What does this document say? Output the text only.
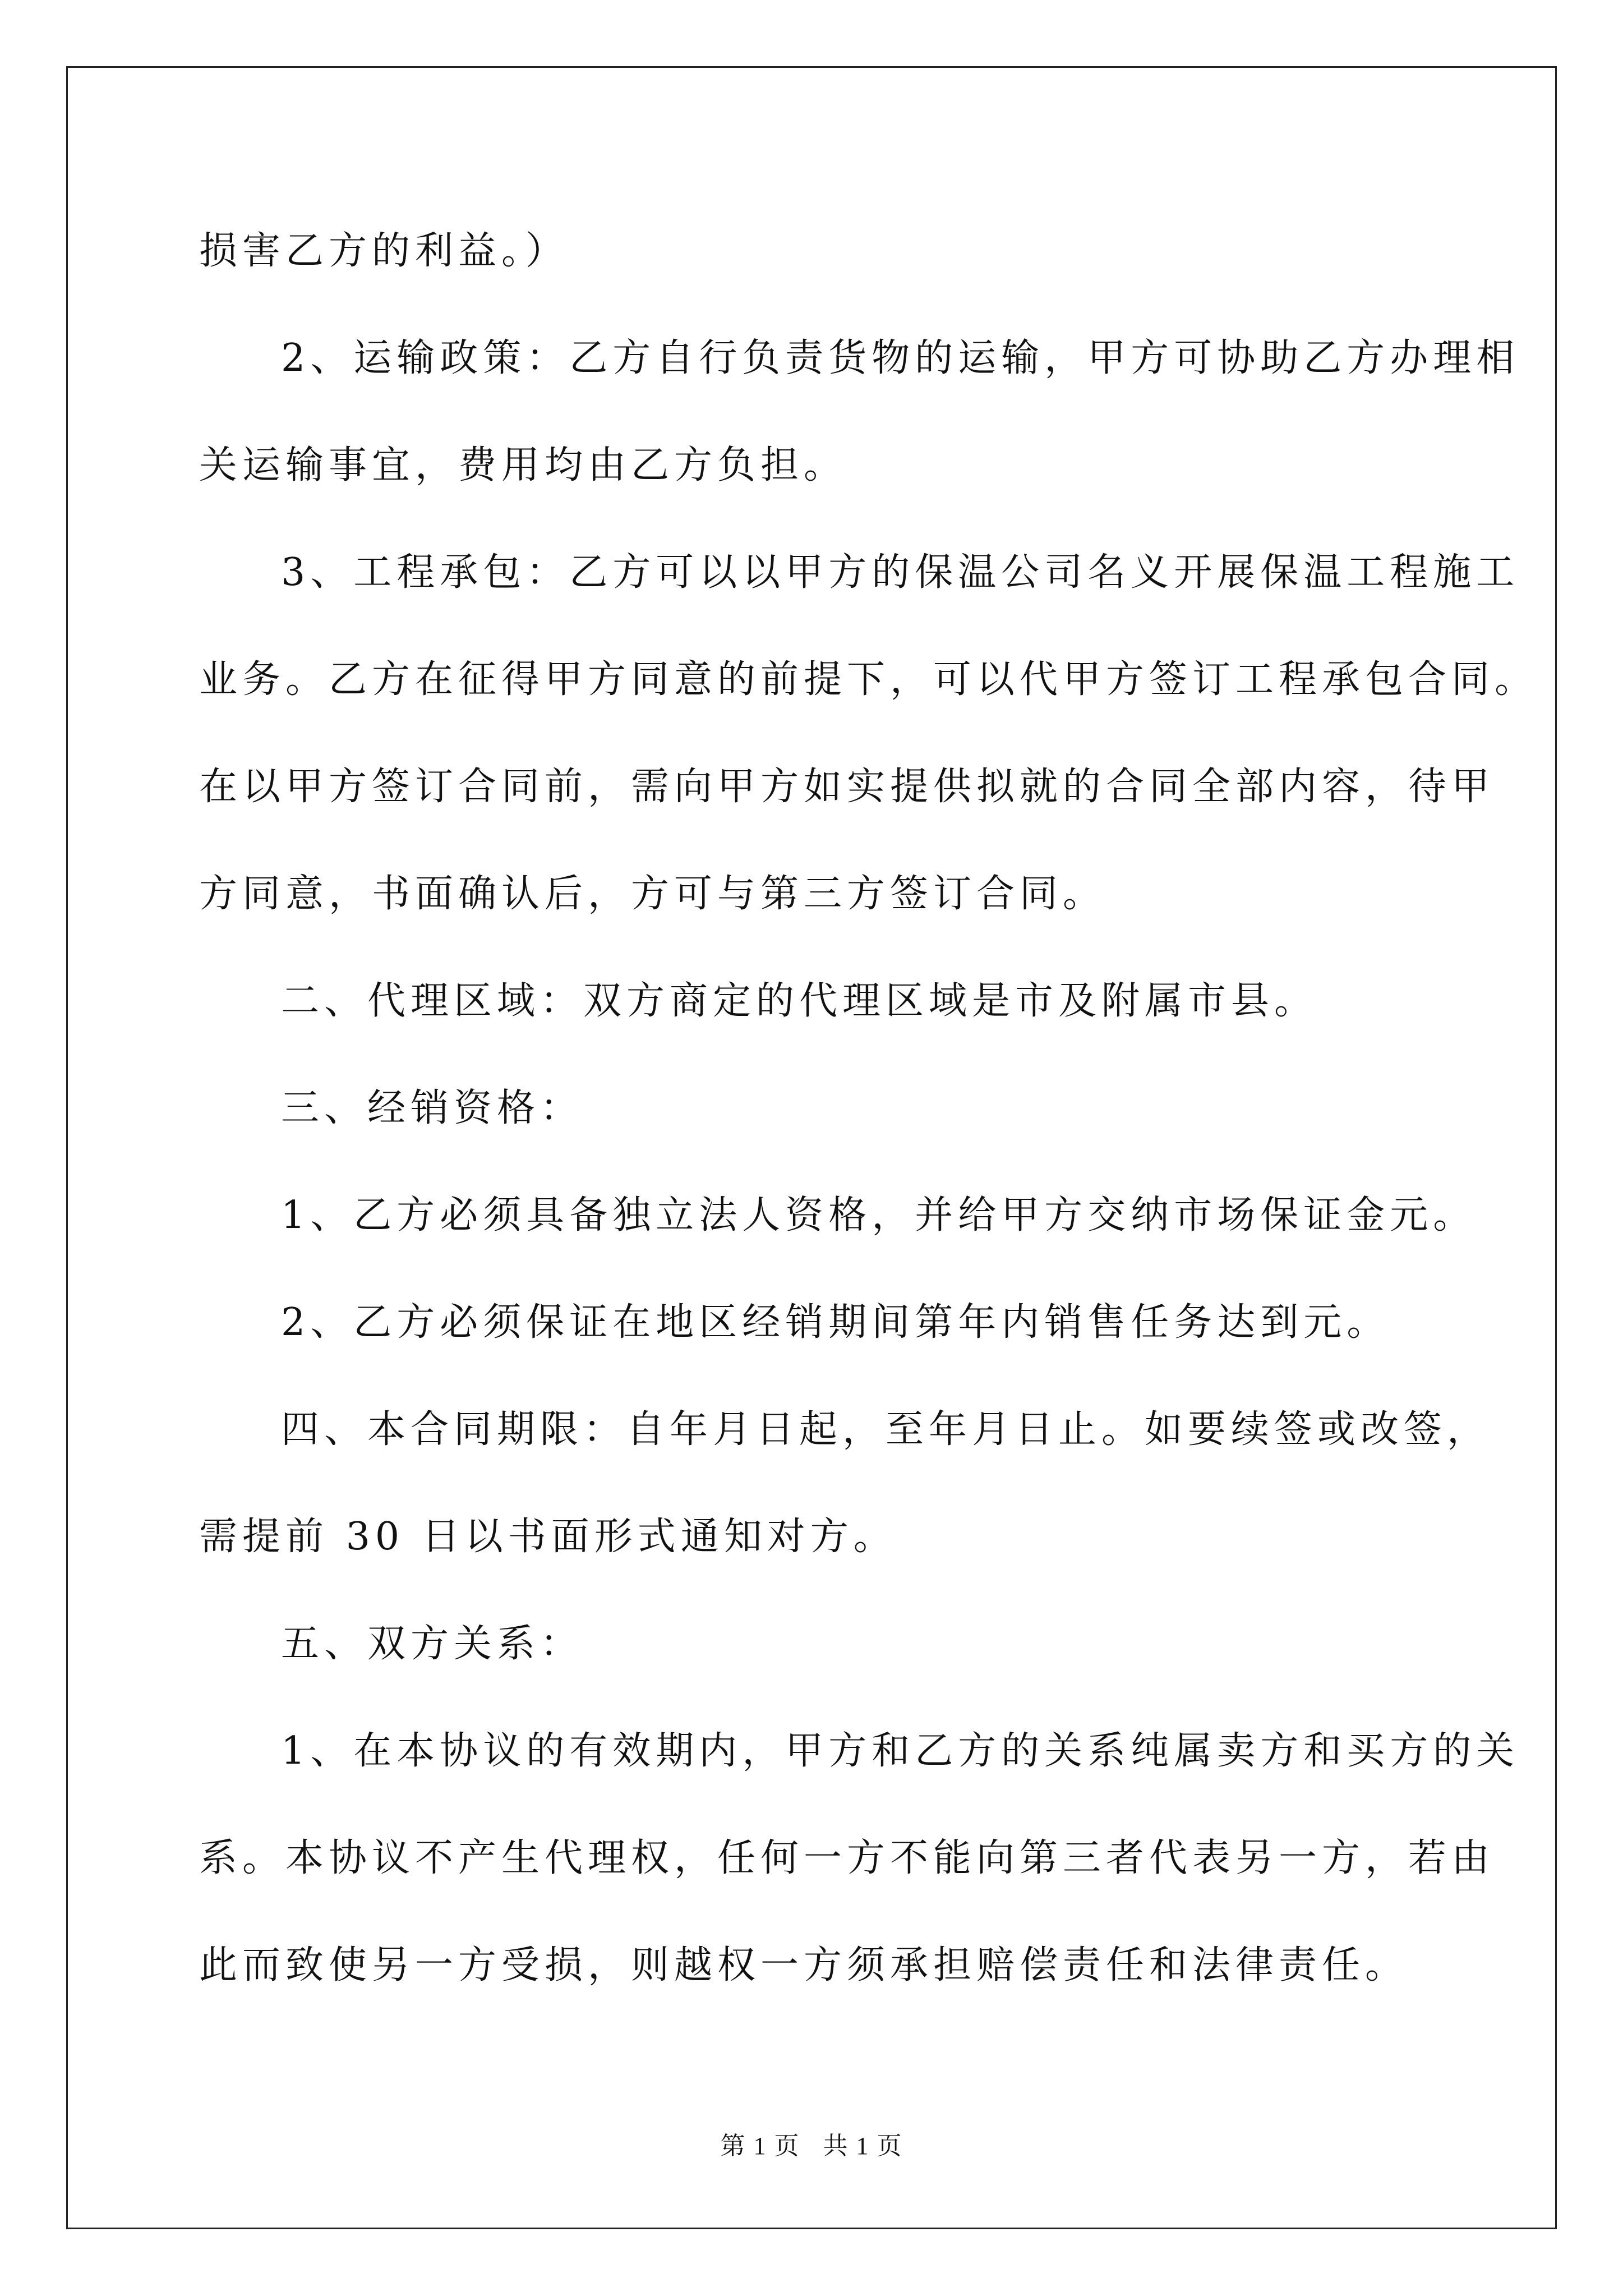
损害乙方的利益。）
2、运输政策：乙方自行负责货物的运输，甲方可协助乙方办理相
关运输事宜，费用均由乙方负担。
3、工程承包：乙方可以以甲方的保温公司名义开展保温工程施工
业务。乙方在征得甲方同意的前提下，可以代甲方签订工程承包合同。
在以甲方签订合同前，需向甲方如实提供拟就的合同全部内容，待甲
方同意，书面确认后，方可与第三方签订合同。
二、代理区域：双方商定的代理区域是市及附属市县。
三、经销资格：
1、乙方必须具备独立法人资格，并给甲方交纳市场保证金元。
2、乙方必须保证在地区经销期间第年内销售任务达到元。
四、本合同期限：自年月日起，至年月日止。如要续签或改签，
需提前 30 日以书面形式通知对方。
五、双方关系：
1、在本协议的有效期内，甲方和乙方的关系纯属卖方和买方的关
系。本协议不产生代理权，任何一方不能向第三者代表另一方，若由
此而致使另一方受损，则越权一方须承担赔偿责任和法律责任。
第 1 页 共 1 页
